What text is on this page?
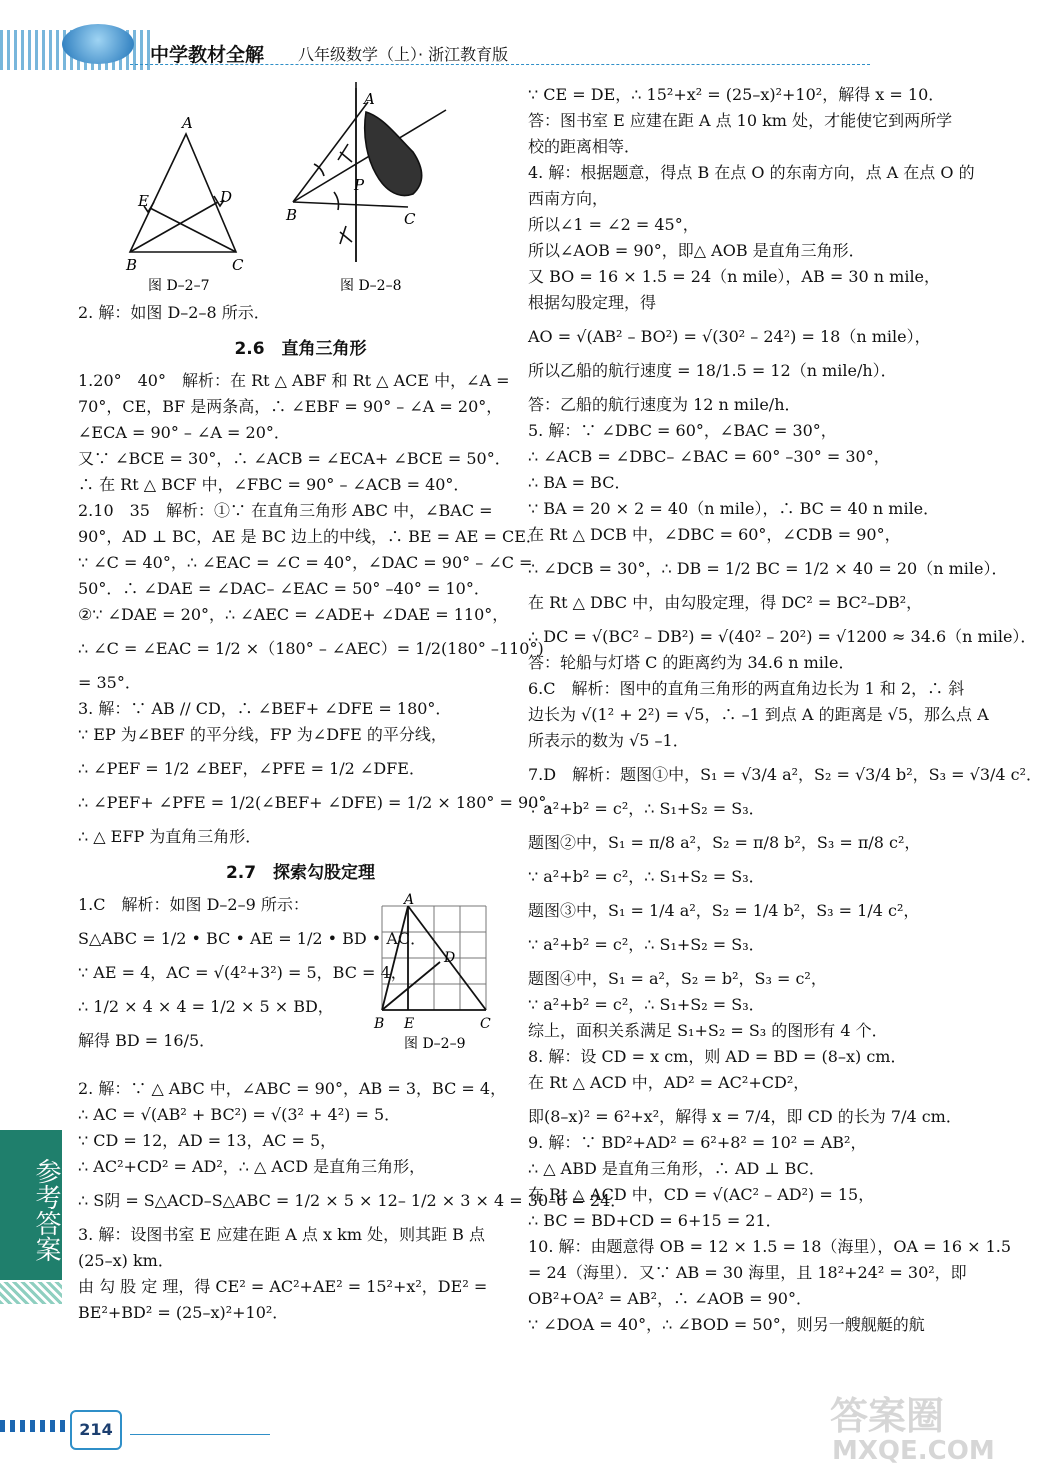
中学教材全解 八年级数学（上）· 浙江教育版
A
E	D
B	C
图 D–2–7
A
P
B	C
图 D–2–8
2. 解：如图 D–2–8 所示．
2.6　直角三角形
1.20°　40°　解析：在 Rt △ ABF 和 Rt △ ACE 中，∠A =
70°，CE，BF 是两条高，∴ ∠EBF = 90° – ∠A = 20°，
∠ECA = 90° – ∠A = 20°．
又∵ ∠BCE = 30°，∴ ∠ACB = ∠ECA+ ∠BCE = 50°．
∴ 在 Rt △ BCF 中，∠FBC = 90° – ∠ACB = 40°．
2.10　35　解析：①∵ 在直角三角形 ABC 中，∠BAC =
90°，AD ⊥ BC，AE 是 BC 边上的中线，∴ BE = AE = CE．
∵ ∠C = 40°，∴ ∠EAC = ∠C = 40°，∠DAC = 90° – ∠C =
50°．∴ ∠DAE = ∠DAC– ∠EAC = 50° –40° = 10°．
②∵ ∠DAE = 20°，∴ ∠AEC = ∠ADE+ ∠DAE = 110°，
∴ ∠C = ∠EAC = 1/2 ×（180° – ∠AEC）= 1/2(180° –110°)
= 35°．
3. 解：∵ AB // CD，∴ ∠BEF+ ∠DFE = 180°．
∵ EP 为∠BEF 的平分线，FP 为∠DFE 的平分线，
∴ ∠PEF = 1/2 ∠BEF，∠PFE = 1/2 ∠DFE．
∴ ∠PEF+ ∠PFE = 1/2(∠BEF+ ∠DFE) = 1/2 × 180° = 90°．
∴ △ EFP 为直角三角形．
2.7　探索勾股定理
1.C　解析：如图 D–2–9 所示：
S△ABC = 1/2 • BC • AE = 1/2 • BD • AC．
∵ AE = 4，AC = √(4²+3²) = 5，BC = 4，
∴ 1/2 × 4 × 4 = 1/2 × 5 × BD，
解得 BD = 16/5．
A
D
B E	C
图 D–2–9
2. 解：∵ △ ABC 中，∠ABC = 90°，AB = 3，BC = 4，
∴ AC = √(AB² + BC²) = √(3² + 4²) = 5．
∵ CD = 12，AD = 13，AC = 5，
∴ AC²+CD² = AD²，∴ △ ACD 是直角三角形，
∴ S阴 = S△ACD–S△ABC = 1/2 × 5 × 12– 1/2 × 3 × 4 = 30–6 = 24．
3. 解：设图书室 E 应建在距 A 点 x km 处，则其距 B 点
(25–x) km．
由 勾 股 定 理，得 CE² = AC²+AE² = 15²+x²，DE² =
BE²+BD² = (25–x)²+10²．
∵ CE = DE，∴ 15²+x² = (25–x)²+10²，解得 x = 10．
答：图书室 E 应建在距 A 点 10 km 处，才能使它到两所学
校的距离相等．
4. 解：根据题意，得点 B 在点 O 的东南方向，点 A 在点 O 的
西南方向，
所以∠1 = ∠2 = 45°，
所以∠AOB = 90°，即△ AOB 是直角三角形．
又 BO = 16 × 1.5 = 24（n mile），AB = 30 n mile，
根据勾股定理，得
AO = √(AB² – BO²) = √(30² – 24²) = 18（n mile），
所以乙船的航行速度 = 18/1.5 = 12（n mile/h）．
答：乙船的航行速度为 12 n mile/h．
5. 解：∵ ∠DBC = 60°，∠BAC = 30°，
∴ ∠ACB = ∠DBC– ∠BAC = 60° –30° = 30°，
∴ BA = BC．
∵ BA = 20 × 2 = 40（n mile），∴ BC = 40 n mile．
在 Rt △ DCB 中，∠DBC = 60°，∠CDB = 90°，
∴ ∠DCB = 30°，∴ DB = 1/2 BC = 1/2 × 40 = 20（n mile）．
在 Rt △ DBC 中，由勾股定理，得 DC² = BC²–DB²，
∴ DC = √(BC² – DB²) = √(40² – 20²) = √1200 ≈ 34.6（n mile）．
答：轮船与灯塔 C 的距离约为 34.6 n mile．
6.C　解析：图中的直角三角形的两直角边长为 1 和 2，∴ 斜
边长为 √(1² + 2²) = √5，∴ –1 到点 A 的距离是 √5，那么点 A
所表示的数为 √5 –1．
7.D　解析：题图①中，S₁ = √3/4 a²，S₂ = √3/4 b²，S₃ = √3/4 c²．
∵ a²+b² = c²，∴ S₁+S₂ = S₃．
题图②中，S₁ = π/8 a²，S₂ = π/8 b²，S₃ = π/8 c²，
∵ a²+b² = c²，∴ S₁+S₂ = S₃．
题图③中，S₁ = 1/4 a²，S₂ = 1/4 b²，S₃ = 1/4 c²，
∵ a²+b² = c²，∴ S₁+S₂ = S₃．
题图④中，S₁ = a²，S₂ = b²，S₃ = c²，
∵ a²+b² = c²，∴ S₁+S₂ = S₃．
综上，面积关系满足 S₁+S₂ = S₃ 的图形有 4 个．
8. 解：设 CD = x cm，则 AD = BD = (8–x) cm．
在 Rt △ ACD 中，AD² = AC²+CD²，
即(8–x)² = 6²+x²，解得 x = 7/4，即 CD 的长为 7/4 cm．
9. 解：∵ BD²+AD² = 6²+8² = 10² = AB²，
∴ △ ABD 是直角三角形，∴ AD ⊥ BC．
在 Rt △ ACD 中，CD = √(AC² – AD²) = 15，
∴ BC = BD+CD = 6+15 = 21．
10. 解：由题意得 OB = 12 × 1.5 = 18（海里），OA = 16 × 1.5
= 24（海里）．又∵ AB = 30 海里，且 18²+24² = 30²，即
OB²+OA² = AB²，∴ ∠AOB = 90°．
∵ ∠DOA = 40°，∴ ∠BOD = 50°，则另一艘舰艇的航
参考答案
214	答案圈
MXQE.COM
